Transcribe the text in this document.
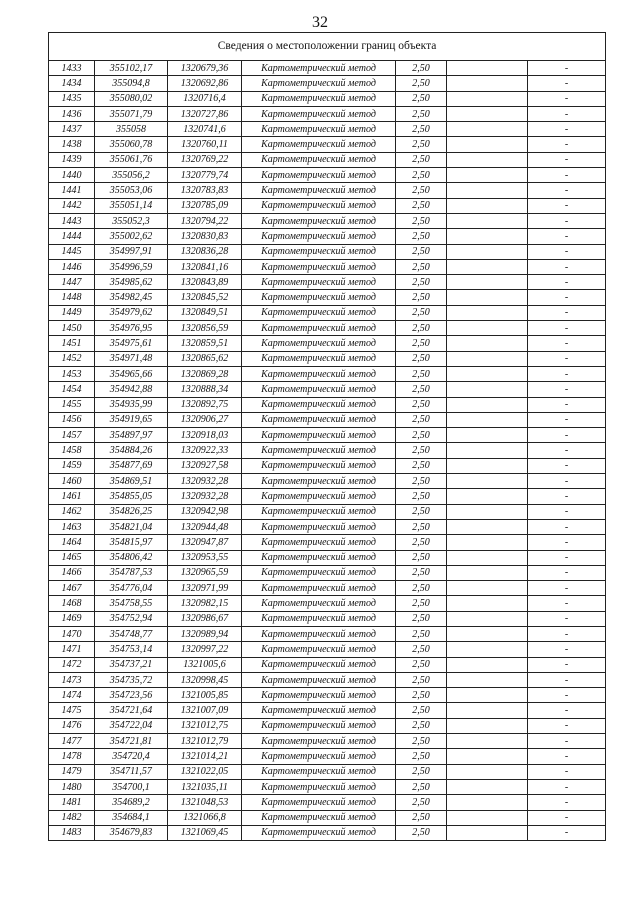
32
Сведения о местоположении границ объекта						
1433	355102,17	1320679,36	Картометрический метод	2,50		-
1434	355094,8	1320692,86	Картометрический метод	2,50		-
1435	355080,02	1320716,4	Картометрический метод	2,50		-
1436	355071,79	1320727,86	Картометрический метод	2,50		-
1437	355058	1320741,6	Картометрический метод	2,50		-
1438	355060,78	1320760,11	Картометрический метод	2,50		-
1439	355061,76	1320769,22	Картометрический метод	2,50		-
1440	355056,2	1320779,74	Картометрический метод	2,50		-
1441	355053,06	1320783,83	Картометрический метод	2,50		-
1442	355051,14	1320785,09	Картометрический метод	2,50		-
1443	355052,3	1320794,22	Картометрический метод	2,50		-
1444	355002,62	1320830,83	Картометрический метод	2,50		-
1445	354997,91	1320836,28	Картометрический метод	2,50		-
1446	354996,59	1320841,16	Картометрический метод	2,50		-
1447	354985,62	1320843,89	Картометрический метод	2,50		-
1448	354982,45	1320845,52	Картометрический метод	2,50		-
1449	354979,62	1320849,51	Картометрический метод	2,50		-
1450	354976,95	1320856,59	Картометрический метод	2,50		-
1451	354975,61	1320859,51	Картометрический метод	2,50		-
1452	354971,48	1320865,62	Картометрический метод	2,50		-
1453	354965,66	1320869,28	Картометрический метод	2,50		-
1454	354942,88	1320888,34	Картометрический метод	2,50		-
1455	354935,99	1320892,75	Картометрический метод	2,50		-
1456	354919,65	1320906,27	Картометрический метод	2,50		-
1457	354897,97	1320918,03	Картометрический метод	2,50		-
1458	354884,26	1320922,33	Картометрический метод	2,50		-
1459	354877,69	1320927,58	Картометрический метод	2,50		-
1460	354869,51	1320932,28	Картометрический метод	2,50		-
1461	354855,05	1320932,28	Картометрический метод	2,50		-
1462	354826,25	1320942,98	Картометрический метод	2,50		-
1463	354821,04	1320944,48	Картометрический метод	2,50		-
1464	354815,97	1320947,87	Картометрический метод	2,50		-
1465	354806,42	1320953,55	Картометрический метод	2,50		-
1466	354787,53	1320965,59	Картометрический метод	2,50		-
1467	354776,04	1320971,99	Картометрический метод	2,50		-
1468	354758,55	1320982,15	Картометрический метод	2,50		-
1469	354752,94	1320986,67	Картометрический метод	2,50		-
1470	354748,77	1320989,94	Картометрический метод	2,50		-
1471	354753,14	1320997,22	Картометрический метод	2,50		-
1472	354737,21	1321005,6	Картометрический метод	2,50		-
1473	354735,72	1320998,45	Картометрический метод	2,50		-
1474	354723,56	1321005,85	Картометрический метод	2,50		-
1475	354721,64	1321007,09	Картометрический метод	2,50		-
1476	354722,04	1321012,75	Картометрический метод	2,50		-
1477	354721,81	1321012,79	Картометрический метод	2,50		-
1478	354720,4	1321014,21	Картометрический метод	2,50		-
1479	354711,57	1321022,05	Картометрический метод	2,50		-
1480	354700,1	1321035,11	Картометрический метод	2,50		-
1481	354689,2	1321048,53	Картометрический метод	2,50		-
1482	354684,1	1321066,8	Картометрический метод	2,50		-
1483	354679,83	1321069,45	Картометрический метод	2,50		-
